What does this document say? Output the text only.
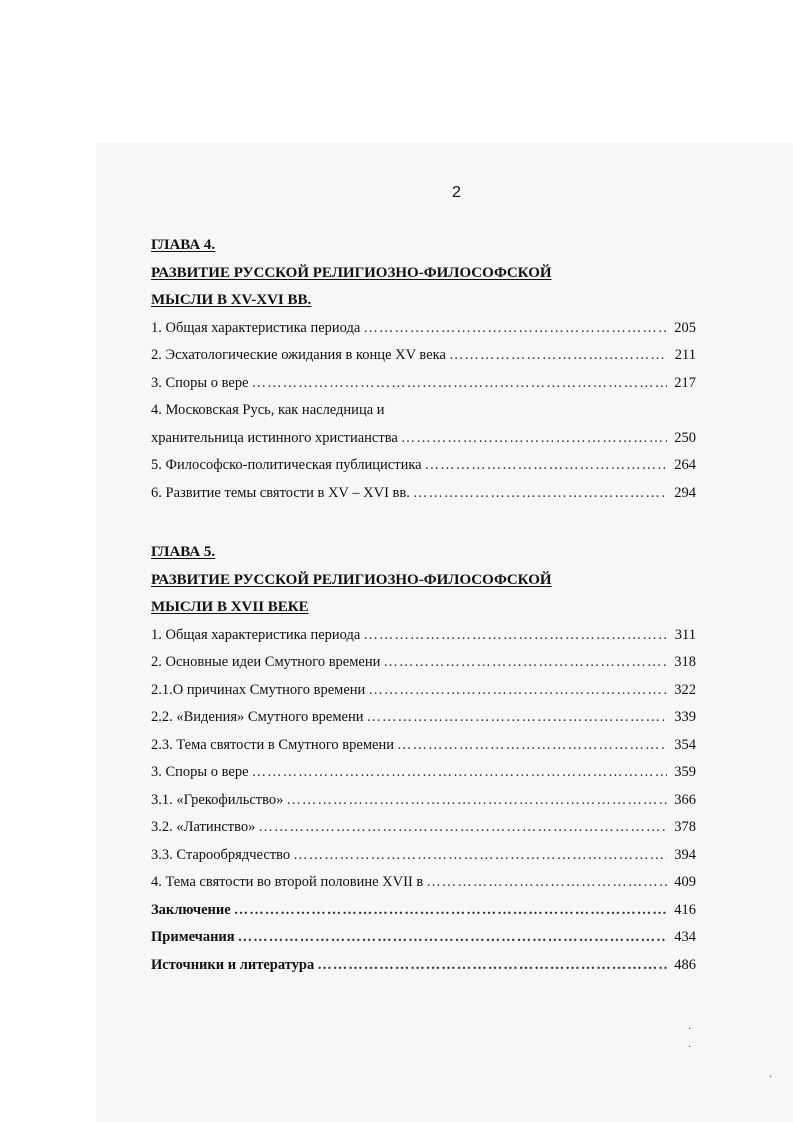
2
ГЛАВА 4.
РАЗВИТИЕ РУССКОЙ РЕЛИГИОЗНО-ФИЛОСОФСКОЙ
МЫСЛИ В XV-XVI ВВ.
1. Общая характеристика периода ……………………………………………………………………………………………………………………………………………	205
2. Эсхатологические ожидания в конце XV века ……………………………………………………………………………………………………………………………………………	211
3. Споры о вере ……………………………………………………………………………………………………………………………………………	217
4. Московская Русь, как наследница и
хранительница истинного христианства ……………………………………………………………………………………………………………………………………………	250
5. Философско-политическая публицистика ……………………………………………………………………………………………………………………………………………	264
6. Развитие темы святости в XV – XVI вв. ……………………………………………………………………………………………………………………………………………	294
ГЛАВА 5.
РАЗВИТИЕ РУССКОЙ РЕЛИГИОЗНО-ФИЛОСОФСКОЙ
МЫСЛИ В XVII ВЕКЕ
1. Общая характеристика периода ……………………………………………………………………………………………………………………………………………	311
2. Основные идеи Смутного времени ……………………………………………………………………………………………………………………………………………	318
2.1.О причинах Смутного времени ……………………………………………………………………………………………………………………………………………	322
2.2. «Видения» Смутного времени ……………………………………………………………………………………………………………………………………………	339
2.3. Тема святости в Смутного времени ……………………………………………………………………………………………………………………………………………	354
3. Споры о вере ……………………………………………………………………………………………………………………………………………	359
3.1. «Грекофильство» ……………………………………………………………………………………………………………………………………………	366
3.2. «Латинство» ……………………………………………………………………………………………………………………………………………	378
3.3. Старообрядчество ……………………………………………………………………………………………………………………………………………	394
4. Тема святости во второй половине XVII в ……………………………………………………………………………………………………………………………………………	409
Заключение ……………………………………………………………………………………………………………………………………………	416
Примечания ……………………………………………………………………………………………………………………………………………	434
Источники и литература ……………………………………………………………………………………………………………………………………………	486
·
·
·
